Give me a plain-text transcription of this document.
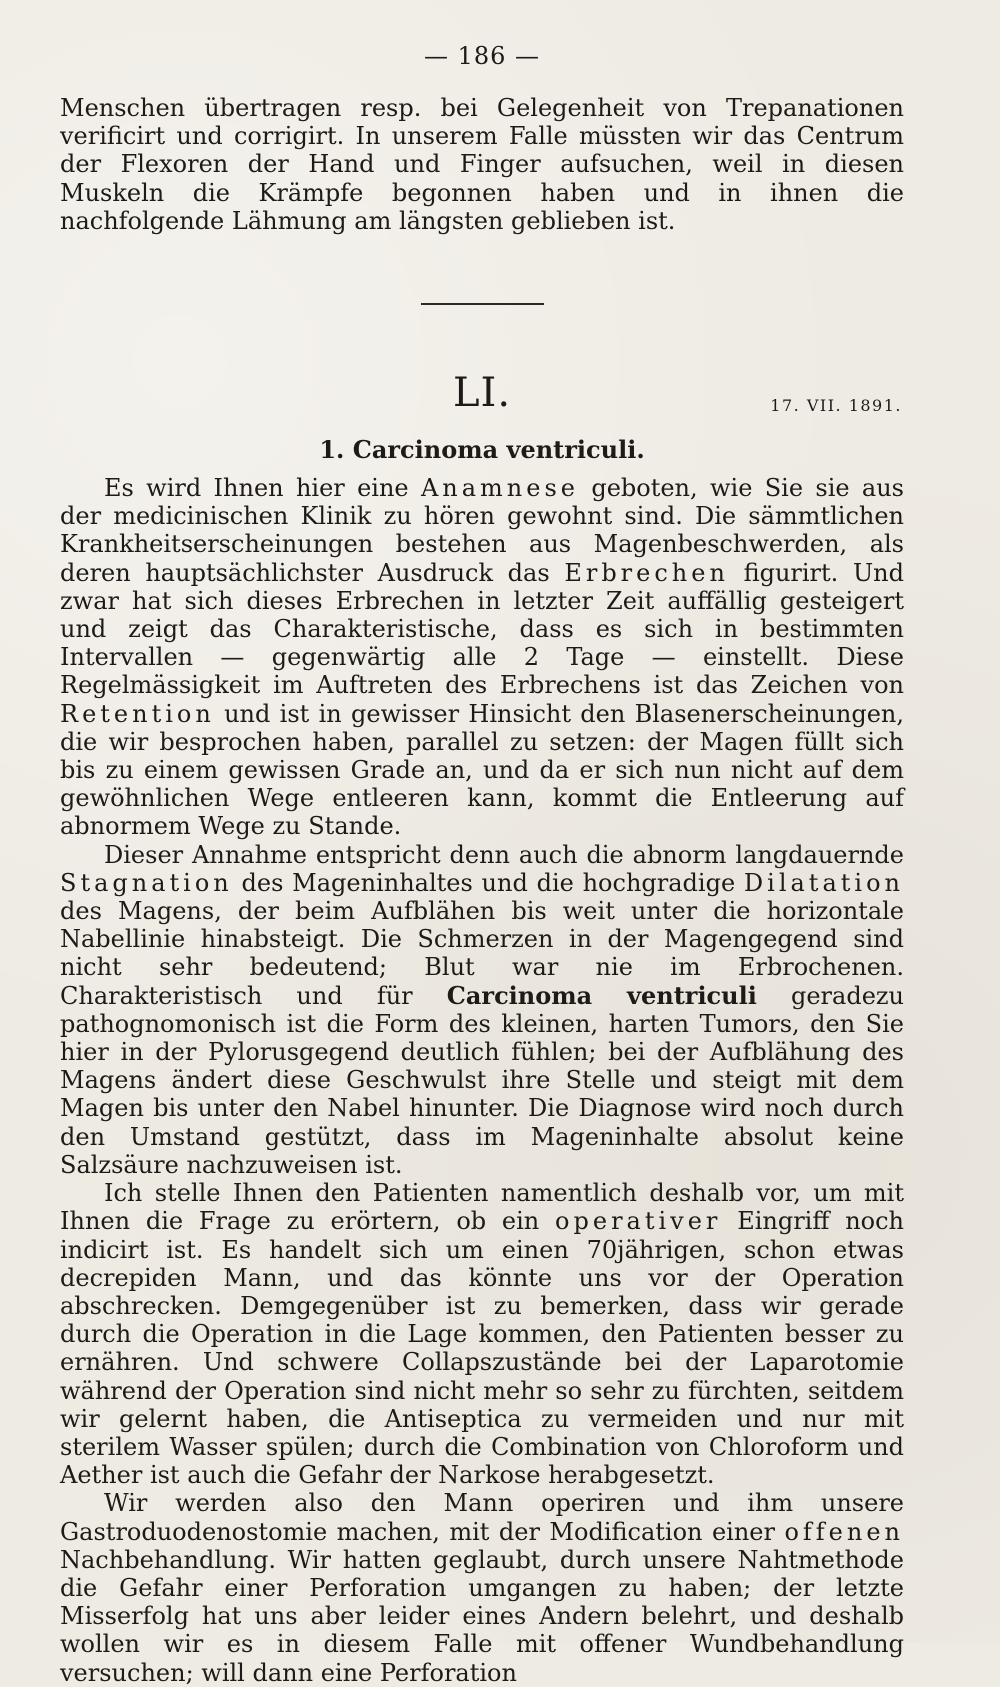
— 186 —

Menschen übertragen resp. bei Gelegenheit von Trepanationen verificirt und corrigirt. In unserem Falle müssten wir das Centrum der Flexoren der Hand und Finger aufsuchen, weil in diesen Muskeln die Krämpfe begonnen haben und in ihnen die nachfolgende Lähmung am längsten geblieben ist.

LI.	17. VII. 1891.
1. Carcinoma ventriculi.

Es wird Ihnen hier eine Anamnese geboten, wie Sie sie aus der medicinischen Klinik zu hören gewohnt sind. Die sämmtlichen Krankheitserscheinungen bestehen aus Magenbeschwerden, als deren hauptsächlichster Ausdruck das Erbrechen figurirt. Und zwar hat sich dieses Erbrechen in letzter Zeit auffällig gesteigert und zeigt das Charakteristische, dass es sich in bestimmten Intervallen — gegenwärtig alle 2 Tage — einstellt. Diese Regelmässigkeit im Auftreten des Erbrechens ist das Zeichen von Retention und ist in gewisser Hinsicht den Blasenerscheinungen, die wir besprochen haben, parallel zu setzen: der Magen füllt sich bis zu einem gewissen Grade an, und da er sich nun nicht auf dem gewöhnlichen Wege entleeren kann, kommt die Entleerung auf abnormem Wege zu Stande.

Dieser Annahme entspricht denn auch die abnorm langdauernde Stagnation des Mageninhaltes und die hochgradige Dilatation des Magens, der beim Aufblähen bis weit unter die horizontale Nabellinie hinabsteigt. Die Schmerzen in der Magengegend sind nicht sehr bedeutend; Blut war nie im Erbrochenen. Charakteristisch und für Carcinoma ventriculi geradezu pathognomonisch ist die Form des kleinen, harten Tumors, den Sie hier in der Pylorusgegend deutlich fühlen; bei der Aufblähung des Magens ändert diese Geschwulst ihre Stelle und steigt mit dem Magen bis unter den Nabel hinunter. Die Diagnose wird noch durch den Umstand gestützt, dass im Mageninhalte absolut keine Salzsäure nachzuweisen ist.

Ich stelle Ihnen den Patienten namentlich deshalb vor, um mit Ihnen die Frage zu erörtern, ob ein operativer Eingriff noch indicirt ist. Es handelt sich um einen 70jährigen, schon etwas decrepiden Mann, und das könnte uns vor der Operation abschrecken. Demgegenüber ist zu bemerken, dass wir gerade durch die Operation in die Lage kommen, den Patienten besser zu ernähren. Und schwere Collapszustände bei der Laparotomie während der Operation sind nicht mehr so sehr zu fürchten, seitdem wir gelernt haben, die Antiseptica zu vermeiden und nur mit sterilem Wasser spülen; durch die Combination von Chloroform und Aether ist auch die Gefahr der Narkose herabgesetzt.

Wir werden also den Mann operiren und ihm unsere Gastroduodenostomie machen, mit der Modification einer offenen Nachbehandlung. Wir hatten geglaubt, durch unsere Nahtmethode die Gefahr einer Perforation umgangen zu haben; der letzte Misserfolg hat uns aber leider eines Andern belehrt, und deshalb wollen wir es in diesem Falle mit offener Wundbehandlung versuchen; will dann eine Perforation
